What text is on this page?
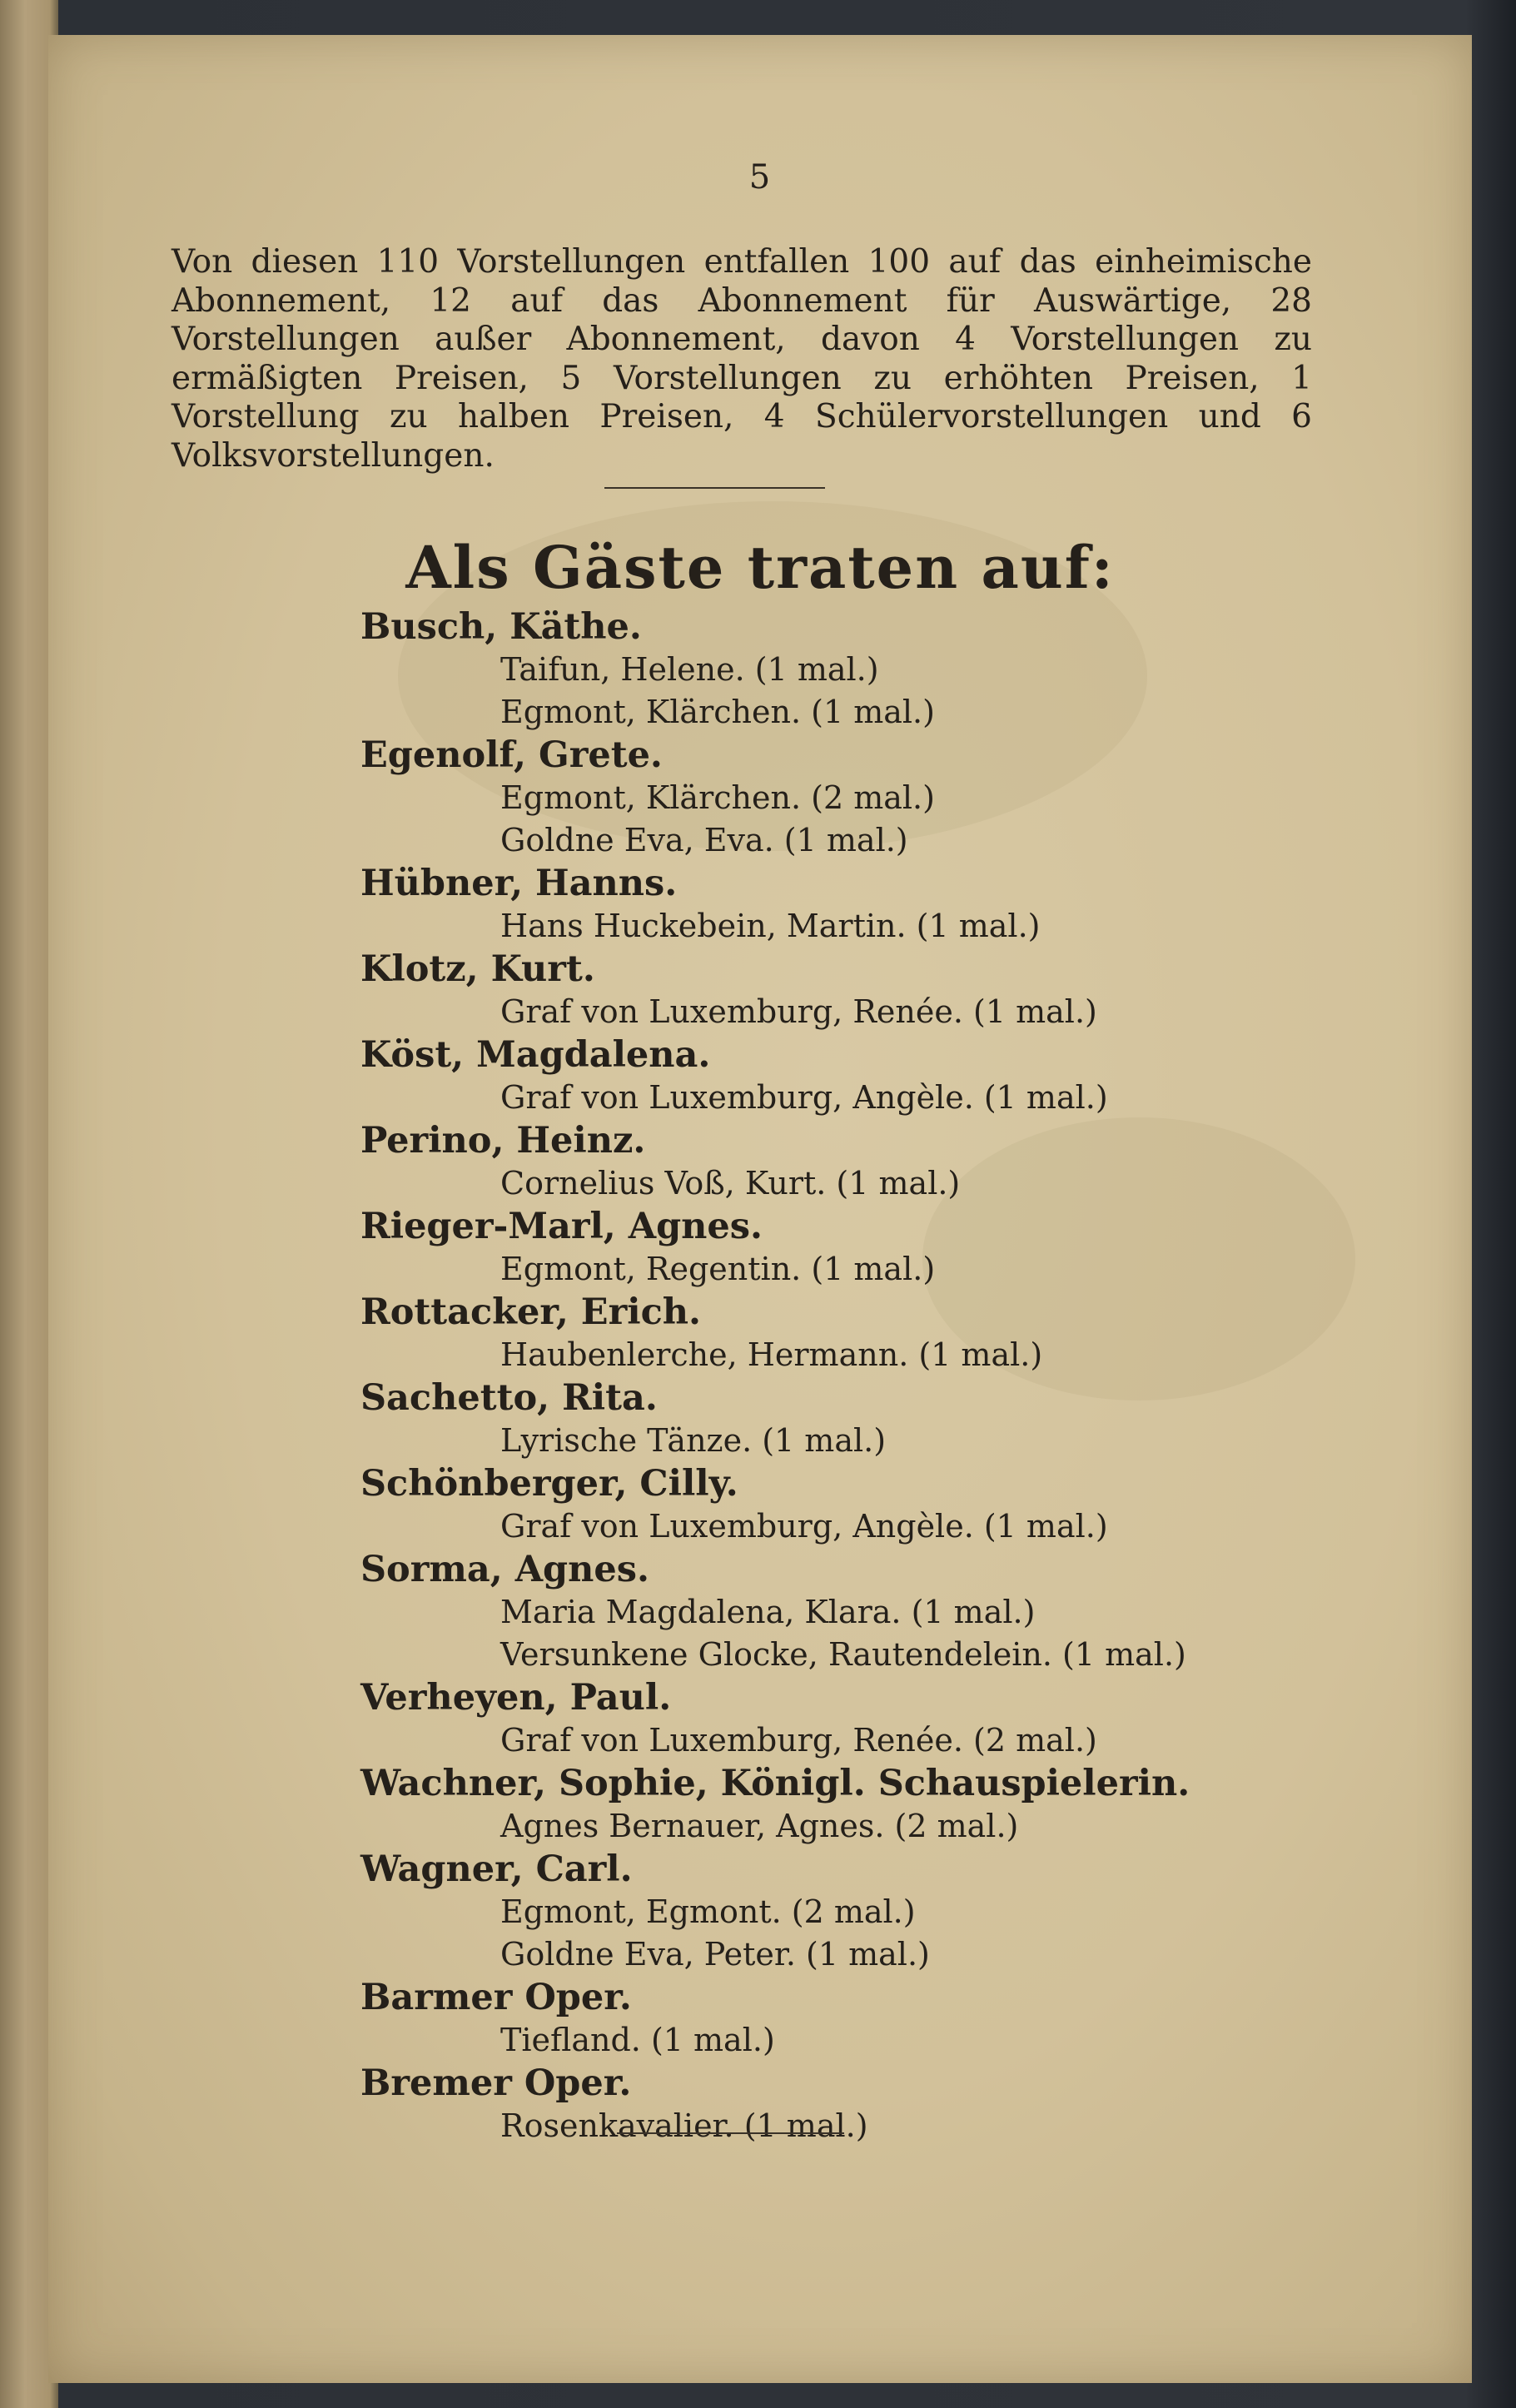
5

Von diesen 110 Vorstellungen entfallen 100 auf das einheimische Abonnement, 12 auf das Abonnement für Auswärtige, 28 Vorstellungen außer Abonnement, davon 4 Vorstellungen zu ermäßigten Preisen, 5 Vorstellungen zu erhöhten Preisen, 1 Vorstellung zu halben Preisen, 4 Schülervorstellungen und 6 Volksvorstellungen.

Als Gäste traten auf:
Busch, Käthe.
Taifun, Helene. (1 mal.)
Egmont, Klärchen. (1 mal.)
Egenolf, Grete.
Egmont, Klärchen. (2 mal.)
Goldne Eva, Eva. (1 mal.)
Hübner, Hanns.
Hans Huckebein, Martin. (1 mal.)
Klotz, Kurt.
Graf von Luxemburg, Renée. (1 mal.)
Köst, Magdalena.
Graf von Luxemburg, Angèle. (1 mal.)
Perino, Heinz.
Cornelius Voß, Kurt. (1 mal.)
Rieger-Marl, Agnes.
Egmont, Regentin. (1 mal.)
Rottacker, Erich.
Haubenlerche, Hermann. (1 mal.)
Sachetto, Rita.
Lyrische Tänze. (1 mal.)
Schönberger, Cilly.
Graf von Luxemburg, Angèle. (1 mal.)
Sorma, Agnes.
Maria Magdalena, Klara. (1 mal.)
Versunkene Glocke, Rautendelein. (1 mal.)
Verheyen, Paul.
Graf von Luxemburg, Renée. (2 mal.)
Wachner, Sophie, Königl. Schauspielerin.
Agnes Bernauer, Agnes. (2 mal.)
Wagner, Carl.
Egmont, Egmont. (2 mal.)
Goldne Eva, Peter. (1 mal.)
Barmer Oper.
Tiefland. (1 mal.)
Bremer Oper.
Rosenkavalier. (1 mal.)
